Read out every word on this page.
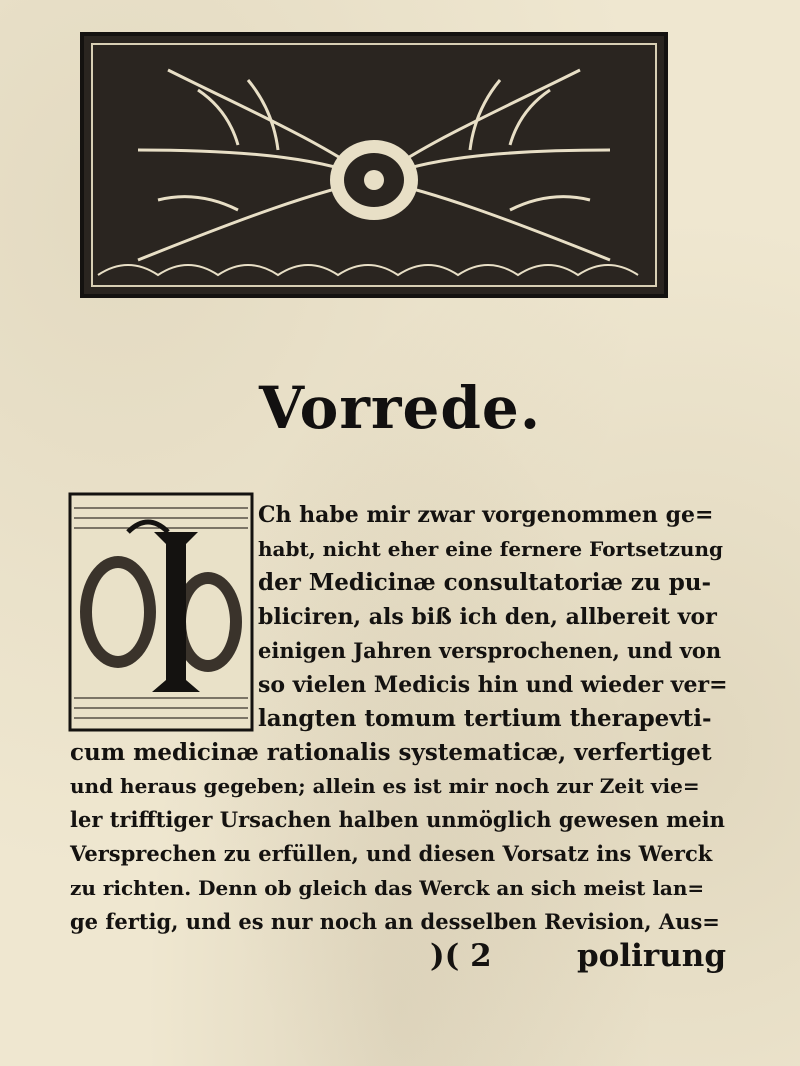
Vorrede.
Ch habe mir zwar vorgenommen ge=
habt, nicht eher eine fernere Fortsetzung
der Medicinæ consultatoriæ zu pu-
bliciren, als biß ich den, allbereit vor
einigen Jahren versprochenen, und von
so vielen Medicis hin und wieder ver=
langten tomum tertium therapevti-
cum medicinæ rationalis systematicæ, verfertiget
und heraus gegeben; allein es ist mir noch zur Zeit vie=
ler trifftiger Ursachen halben unmöglich gewesen mein
Versprechen zu erfüllen, und diesen Vorsatz ins Werck
zu richten. Denn ob gleich das Werck an sich meist lan=
ge fertig, und es nur noch an desselben Revision, Aus=
)( 2	polirung
